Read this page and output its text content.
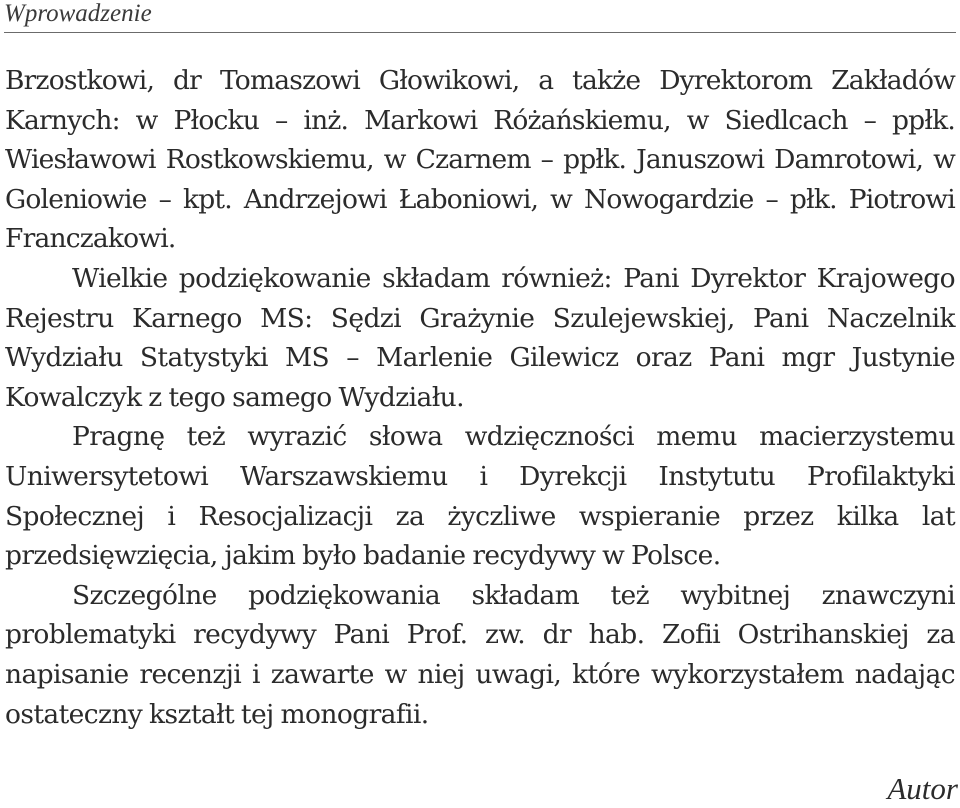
Wprowadzenie

Brzostkowi, dr Tomaszowi Głowikowi, a także Dyrektorom Zakładów Karnych: w Płocku – inż. Markowi Różańskiemu, w Siedlcach – ppłk. Wiesławowi Rostkowskiemu, w Czarnem – ppłk. Januszowi Damrotowi, w Goleniowie – kpt. Andrzejowi Łaboniowi, w Nowogardzie – płk. Piotrowi Franczakowi.

Wielkie podziękowanie składam również: Pani Dyrektor Krajowego Rejestru Karnego MS: Sędzi Grażynie Szulejewskiej, Pani Naczelnik Wydziału Statystyki MS – Marlenie Gilewicz oraz Pani mgr Justynie Kowalczyk z tego samego Wydziału.

Pragnę też wyrazić słowa wdzięczności memu macierzystemu Uniwersytetowi Warszawskiemu i Dyrekcji Instytutu Profilaktyki Społecznej i Resocjalizacji za życzliwe wspieranie przez kilka lat przedsięwzięcia, jakim było badanie recydywy w Polsce.

Szczególne podziękowania składam też wybitnej znawczyni problematyki recydywy Pani Prof. zw. dr hab. Zofii Ostrihanskiej za napisanie recenzji i zawarte w niej uwagi, które wykorzystałem nadając ostateczny kształt tej monografii.

Autor
